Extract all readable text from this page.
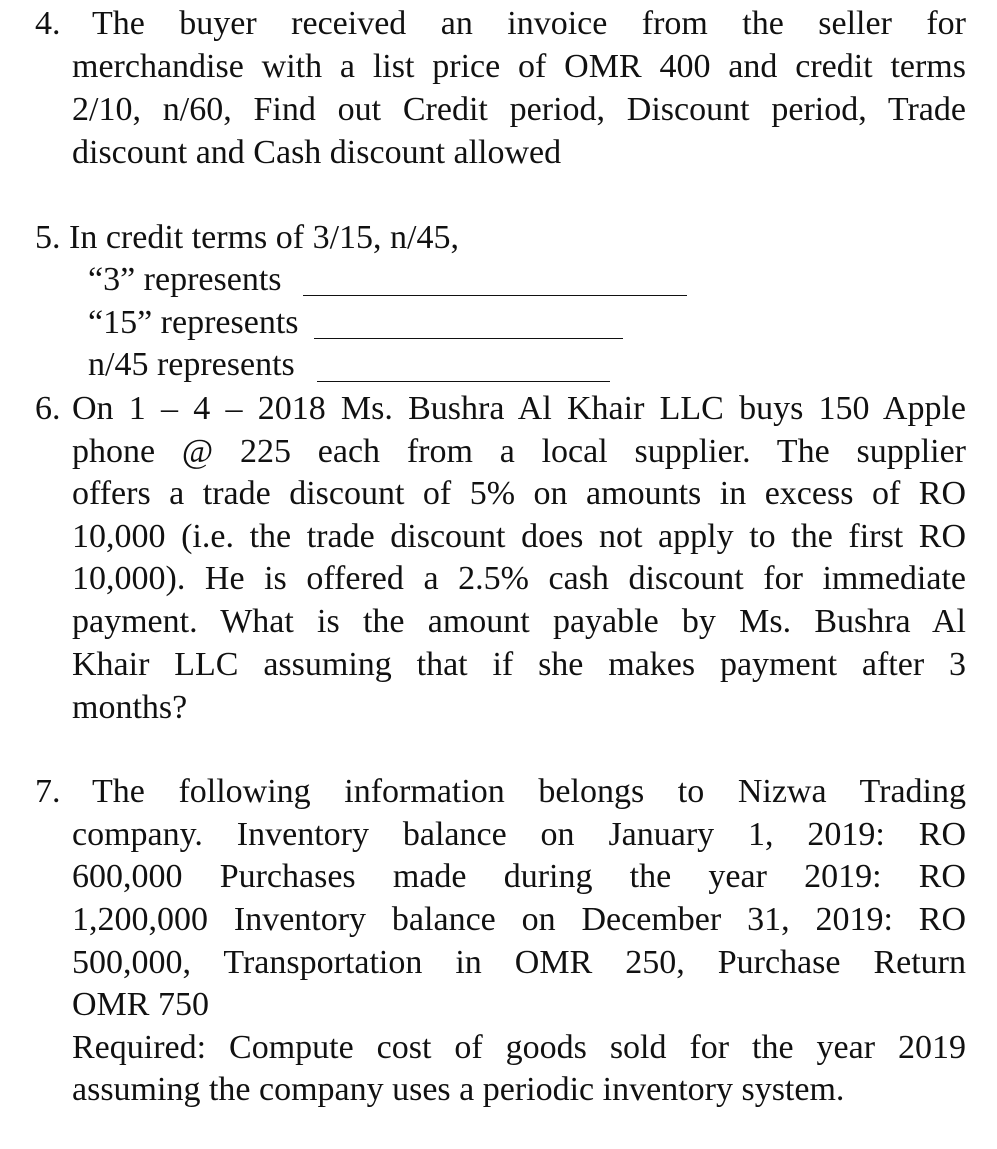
4. The buyer received an invoice from the seller for
merchandise with a list price of OMR 400 and credit terms
2/10, n/60, Find out Credit period, Discount period, Trade
discount and Cash discount allowed
5. In credit terms of 3/15, n/45,
“3” represents
“15” represents
n/45 represents
6. On 1 – 4 – 2018 Ms. Bushra Al Khair LLC buys 150 Apple
phone @ 225 each from a local supplier. The supplier
offers a trade discount of 5% on amounts in excess of RO
10,000 (i.e. the trade discount does not apply to the first RO
10,000). He is offered a 2.5% cash discount for immediate
payment. What is the amount payable by Ms. Bushra Al
Khair LLC assuming that if she makes payment after 3
months?
7. The following information belongs to Nizwa Trading
company. Inventory balance on January 1, 2019: RO
600,000 Purchases made during the year 2019: RO
1,200,000 Inventory balance on December 31, 2019: RO
500,000, Transportation in OMR 250, Purchase Return
OMR 750
Required: Compute cost of goods sold for the year 2019
assuming the company uses a periodic inventory system.
